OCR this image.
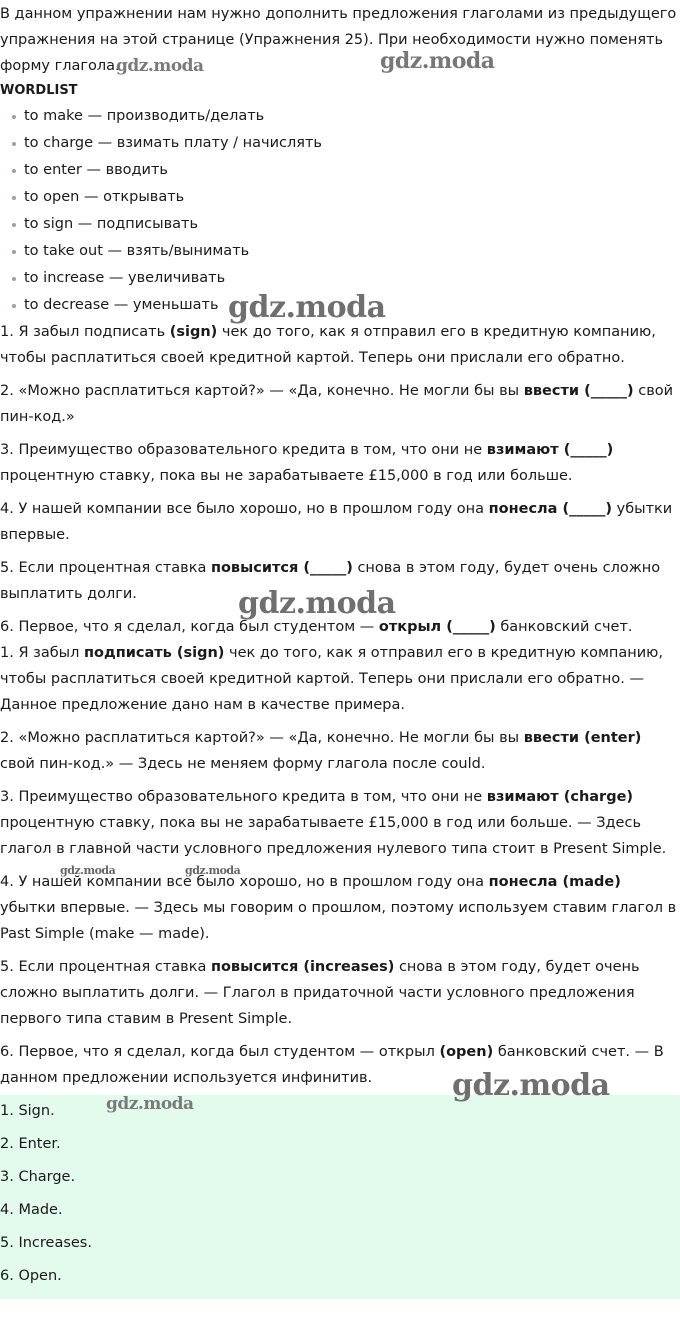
В данном упражнении нам нужно дополнить предложения глаголами из предыдущего упражнения на этой странице (Упражнения 25). При необходимости нужно поменять форму глагола.

WORDLIST

to make — производить/делать
to charge — взимать плату / начислять
to enter — вводить
to open — открывать
to sign — подписывать
to take out — взять/вынимать
to increase — увеличивать
to decrease — уменьшать

1. Я забыл подписать (sign) чек до того, как я отправил его в кредитную компанию, чтобы расплатиться своей кредитной картой. Теперь они прислали его обратно.

2. «Можно расплатиться картой?» — «Да, конечно. Не могли бы вы ввести (_____) свой пин-код.»

3. Преимущество образовательного кредита в том, что они не взимают (_____) процентную ставку, пока вы не зарабатываете £15,000 в год или больше.

4. У нашей компании все было хорошо, но в прошлом году она понесла (_____) убытки впервые.

5. Если процентная ставка повысится (_____) снова в этом году, будет очень сложно выплатить долги.

6. Первое, что я сделал, когда был студентом — открыл (_____) банковский счет.

1. Я забыл подписать (sign) чек до того, как я отправил его в кредитную компанию, чтобы расплатиться своей кредитной картой. Теперь они прислали его обратно. — Данное предложение дано нам в качестве примера.

2. «Можно расплатиться картой?» — «Да, конечно. Не могли бы вы ввести (enter) свой пин-код.» — Здесь не меняем форму глагола после could.

3. Преимущество образовательного кредита в том, что они не взимают (charge) процентную ставку, пока вы не зарабатываете £15,000 в год или больше. — Здесь глагол в главной части условного предложения нулевого типа стоит в Present Simple.

4. У нашей компании все было хорошо, но в прошлом году она понесла (made) убытки впервые. — Здесь мы говорим о прошлом, поэтому используем ставим глагол в Past Simple (make — made).

5. Если процентная ставка повысится (increases) снова в этом году, будет очень сложно выплатить долги. — Глагол в придаточной части условного предложения первого типа ставим в Present Simple.

6. Первое, что я сделал, когда был студентом — открыл (open) банковский счет. — В данном предложении используется инфинитив.

1. Sign.

2. Enter.

3. Charge.

4. Made.

5. Increases.

6. Open.

gdz.moda	gdz.moda
gdz.moda
gdz.moda
gdz.moda	gdz.moda
gdz.moda
gdz.moda
